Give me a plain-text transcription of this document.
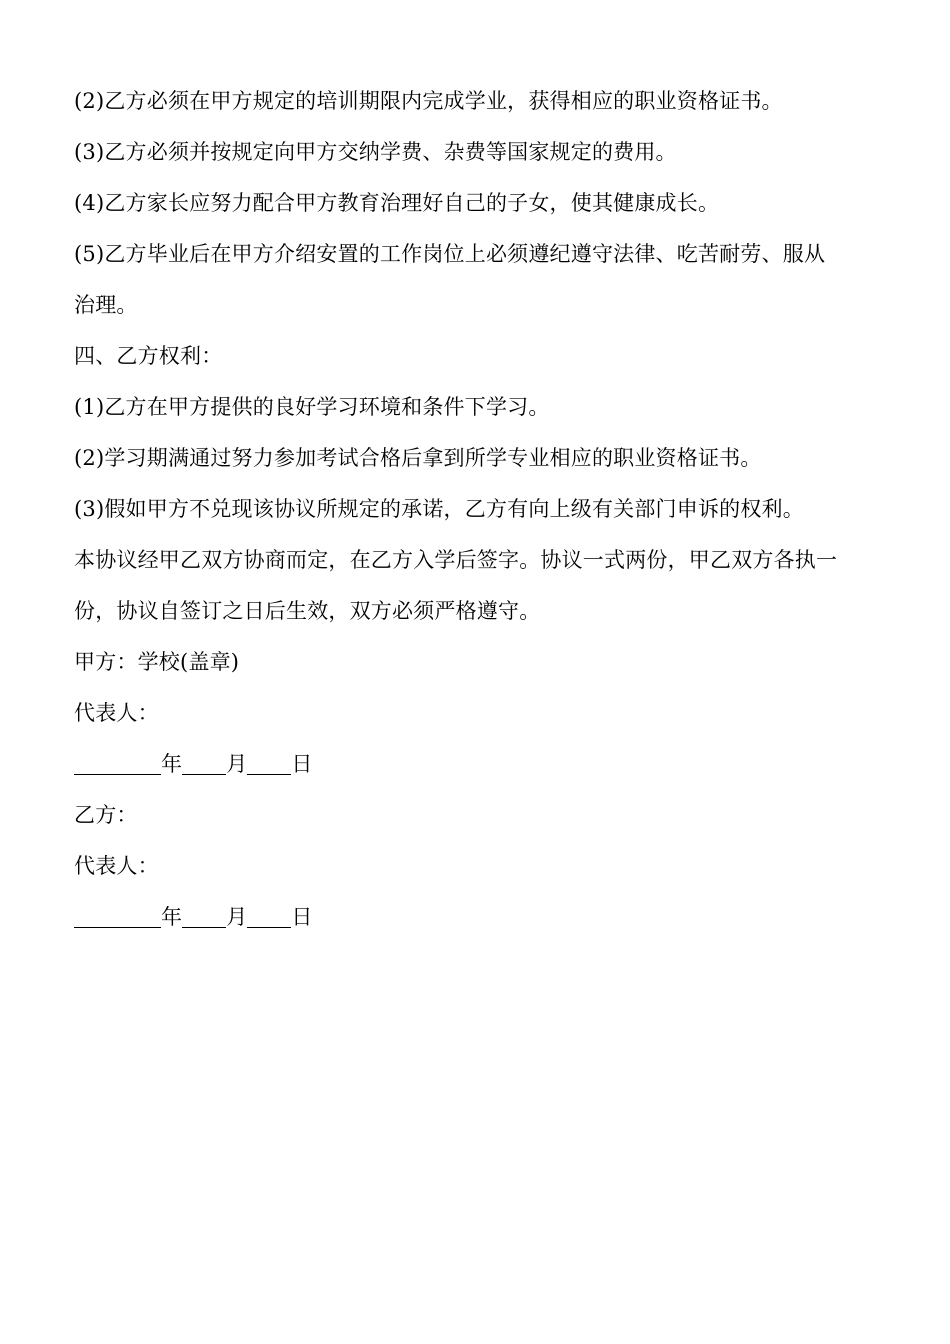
(2)乙方必须在甲方规定的培训期限内完成学业，获得相应的职业资格证书。
(3)乙方必须并按规定向甲方交纳学费、杂费等国家规定的费用。
(4)乙方家长应努力配合甲方教育治理好自己的子女，使其健康成长。
(5)乙方毕业后在甲方介绍安置的工作岗位上必须遵纪遵守法律、吃苦耐劳、服从
治理。
四、乙方权利：
(1)乙方在甲方提供的良好学习环境和条件下学习。
(2)学习期满通过努力参加考试合格后拿到所学专业相应的职业资格证书。
(3)假如甲方不兑现该协议所规定的承诺，乙方有向上级有关部门申诉的权利。
本协议经甲乙双方协商而定，在乙方入学后签字。协议一式两份，甲乙双方各执一
份，协议自签订之日后生效，双方必须严格遵守。
甲方：学校(盖章)
代表人：
年 月 日
乙方：
代表人：
年 月 日
